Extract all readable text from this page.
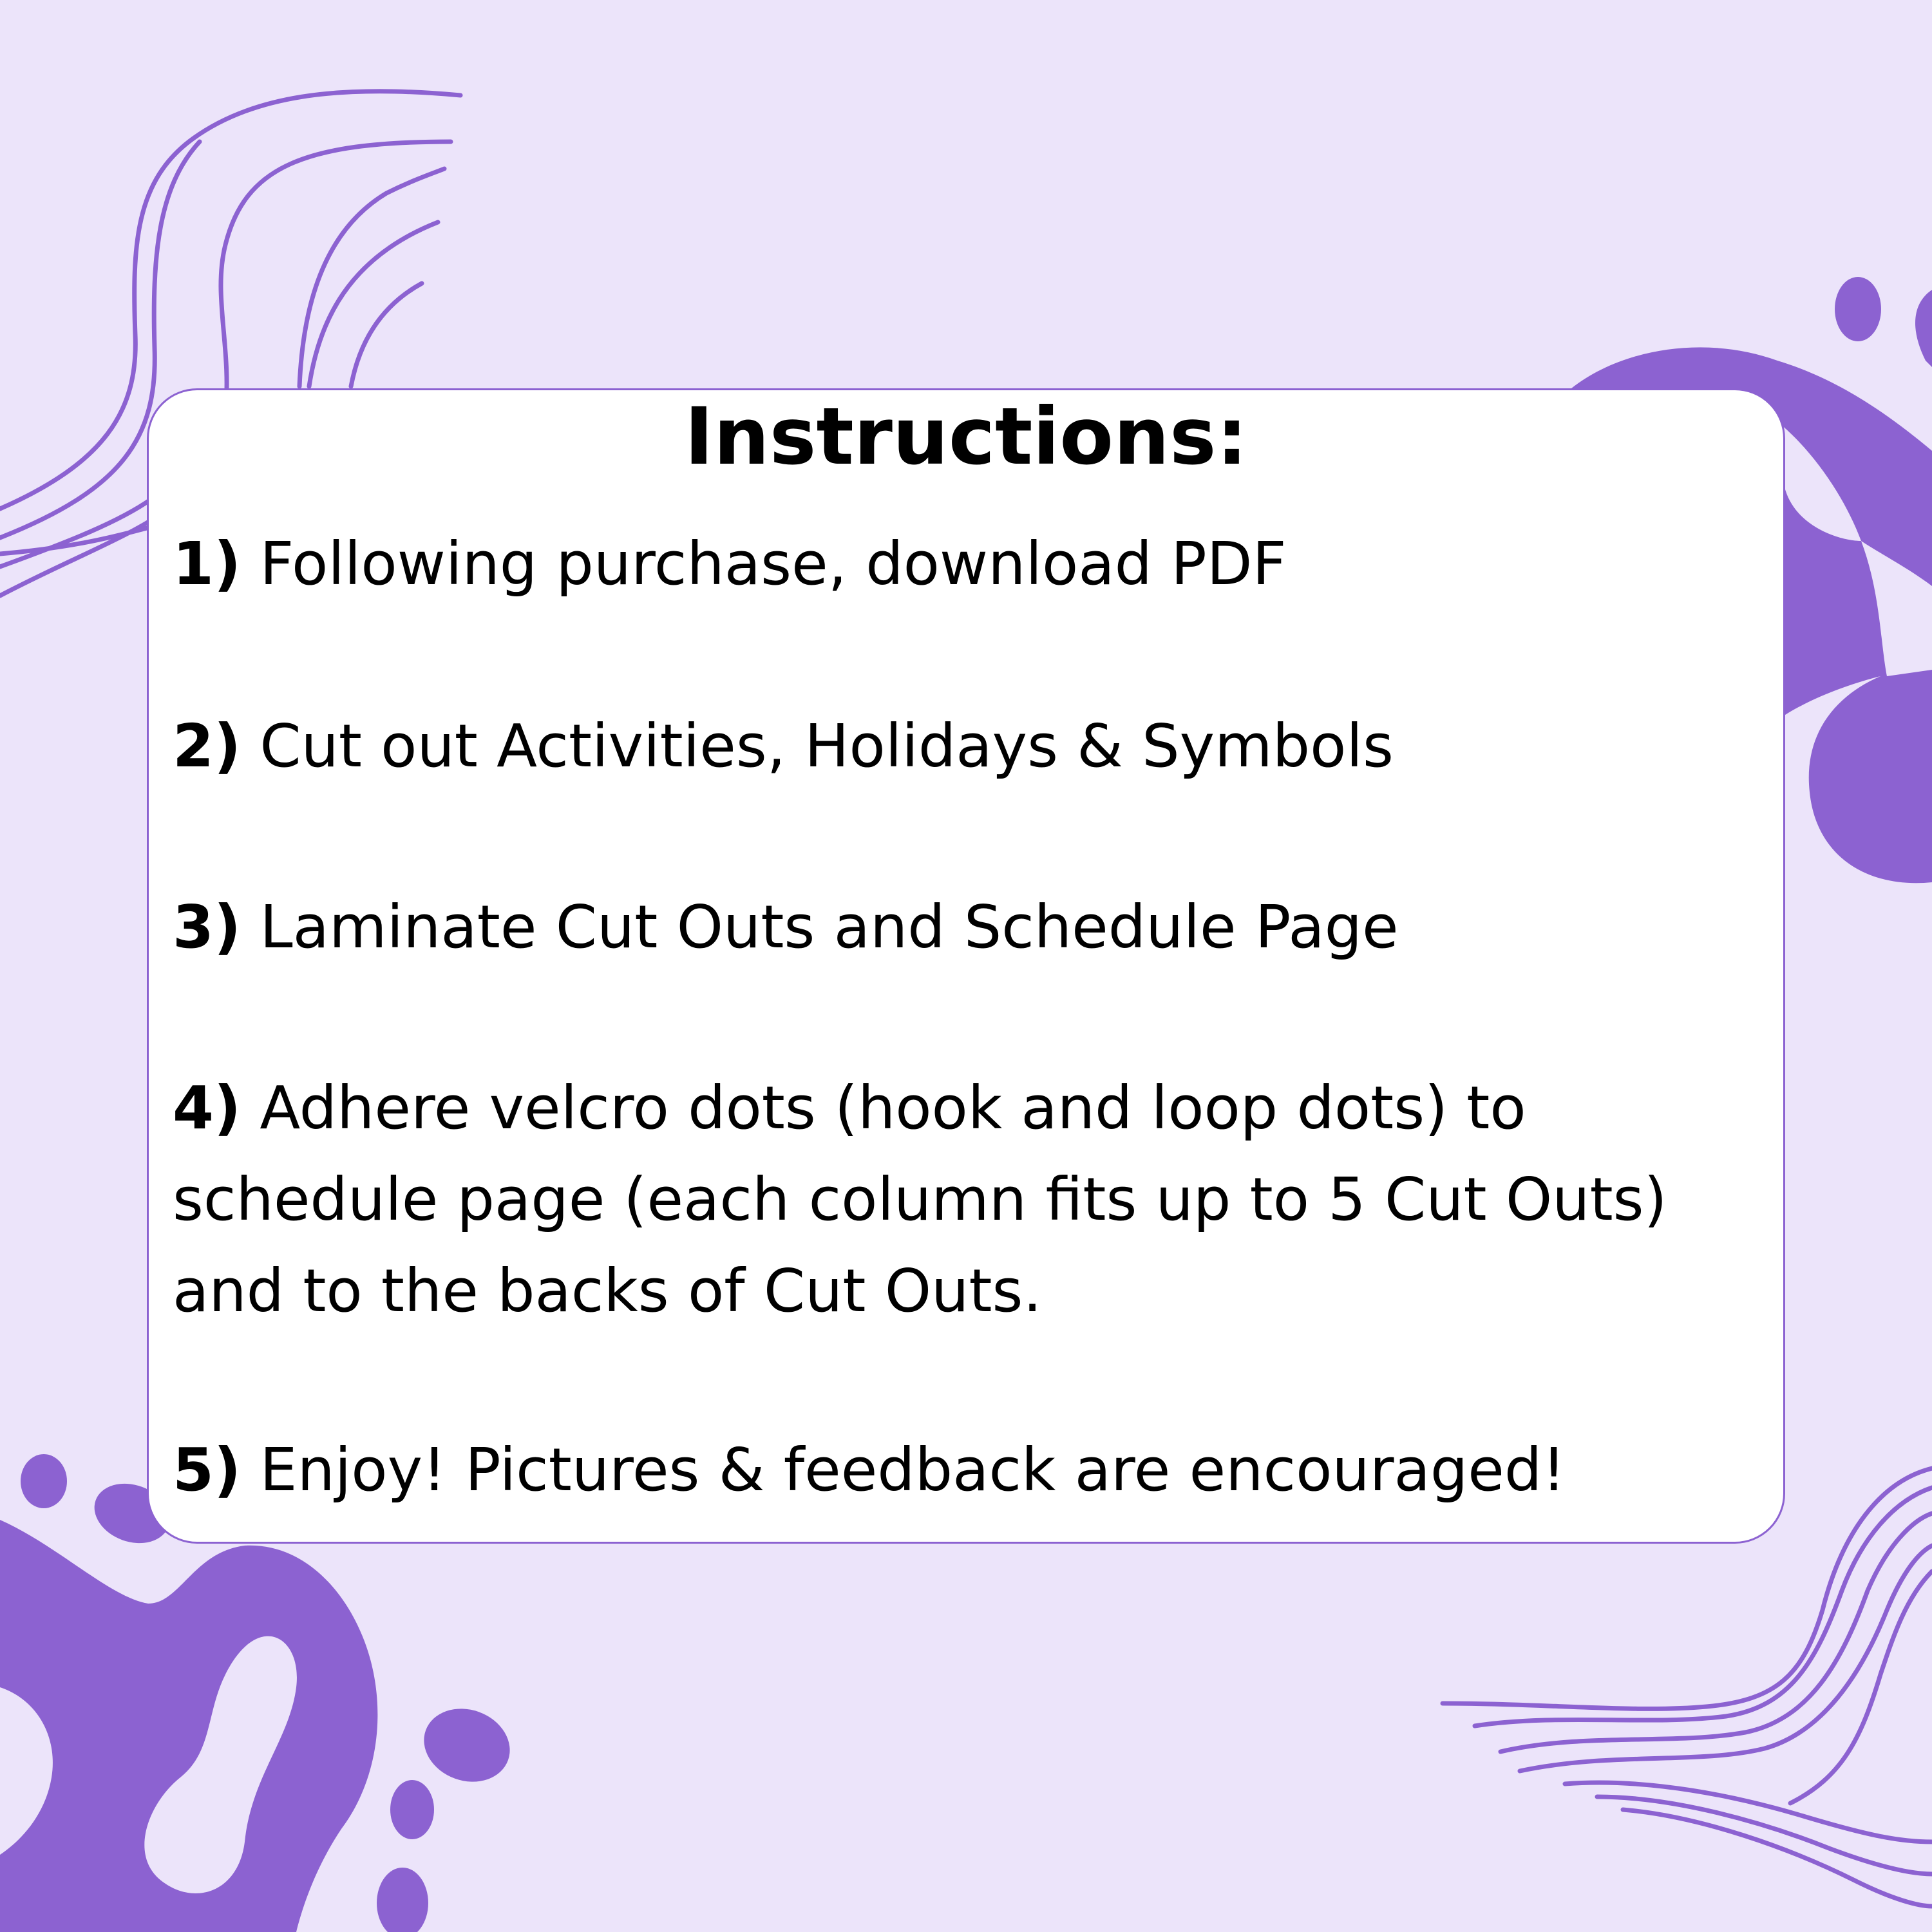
Instructions:

1) Following purchase, download PDF

2) Cut out Activities, Holidays & Symbols

3) Laminate Cut Outs and Schedule Page

4) Adhere velcro dots (hook and loop dots) to
schedule page (each column fits up to 5 Cut Outs)
and to the backs of Cut Outs.

5) Enjoy! Pictures & feedback are encouraged!
